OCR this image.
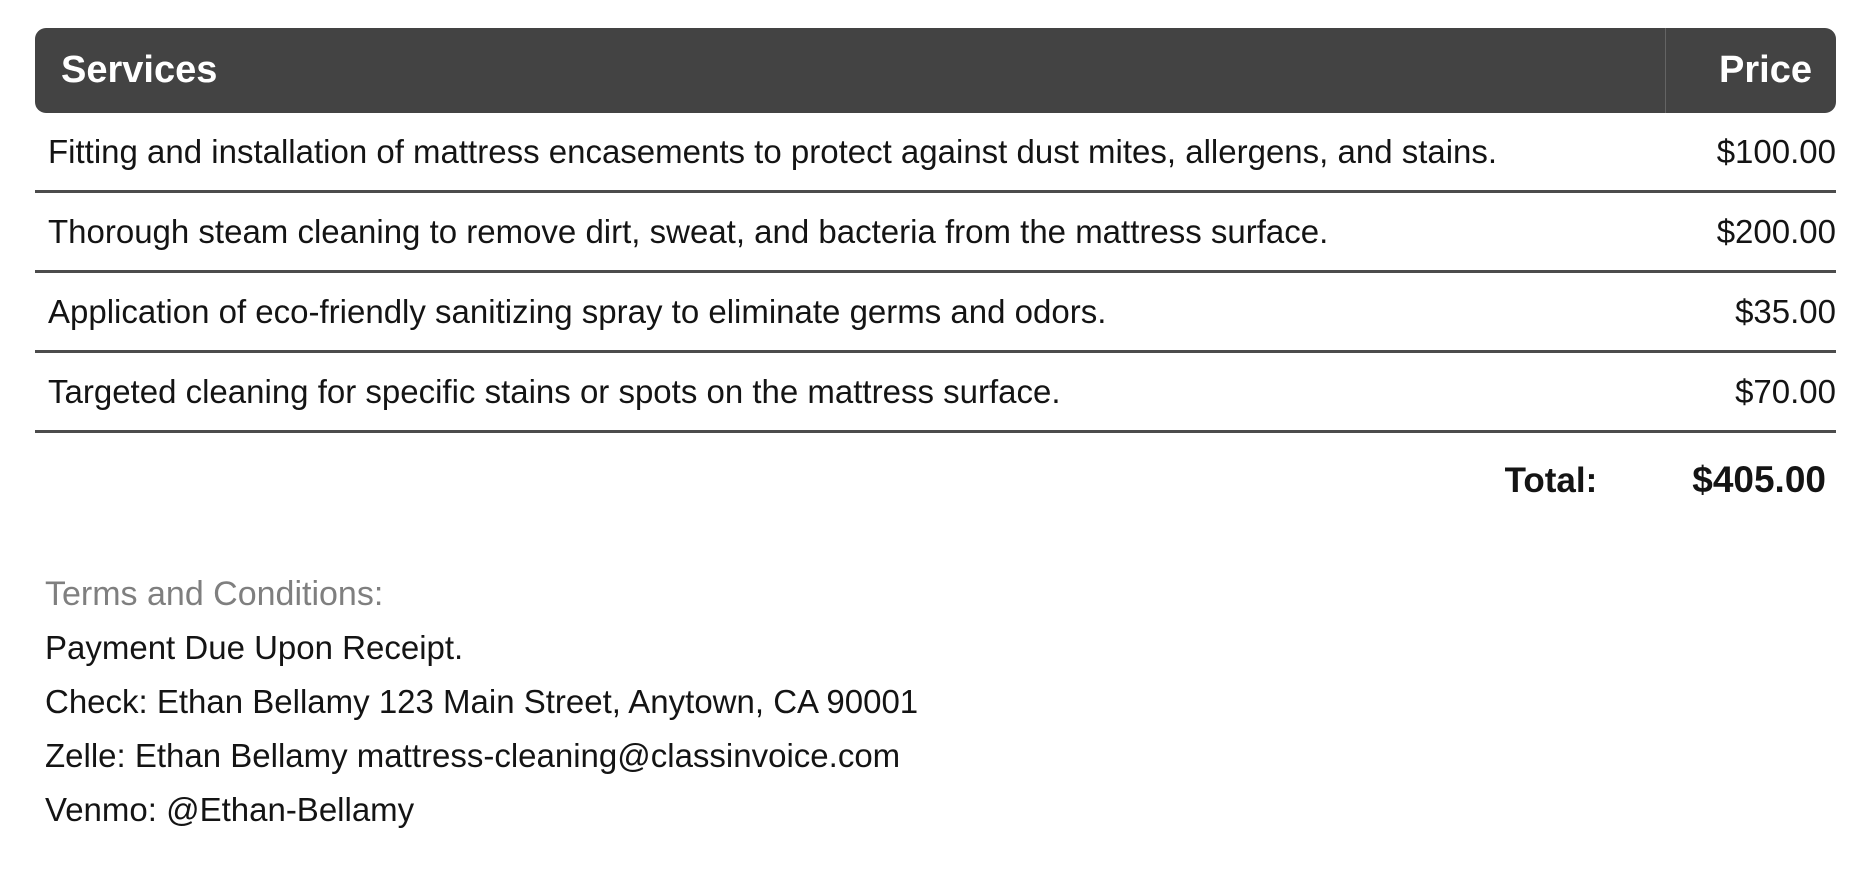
Services	Price
Fitting and installation of mattress encasements to protect against dust mites, allergens, and stains.	$100.00
Thorough steam cleaning to remove dirt, sweat, and bacteria from the mattress surface.	$200.00
Application of eco-friendly sanitizing spray to eliminate germs and odors.	$35.00
Targeted cleaning for specific stains or spots on the mattress surface.	$70.00
Total:	$405.00
Terms and Conditions:
Payment Due Upon Receipt.
Check: Ethan Bellamy 123 Main Street, Anytown, CA 90001
Zelle: Ethan Bellamy mattress-cleaning@classinvoice.com
Venmo: @Ethan-Bellamy
